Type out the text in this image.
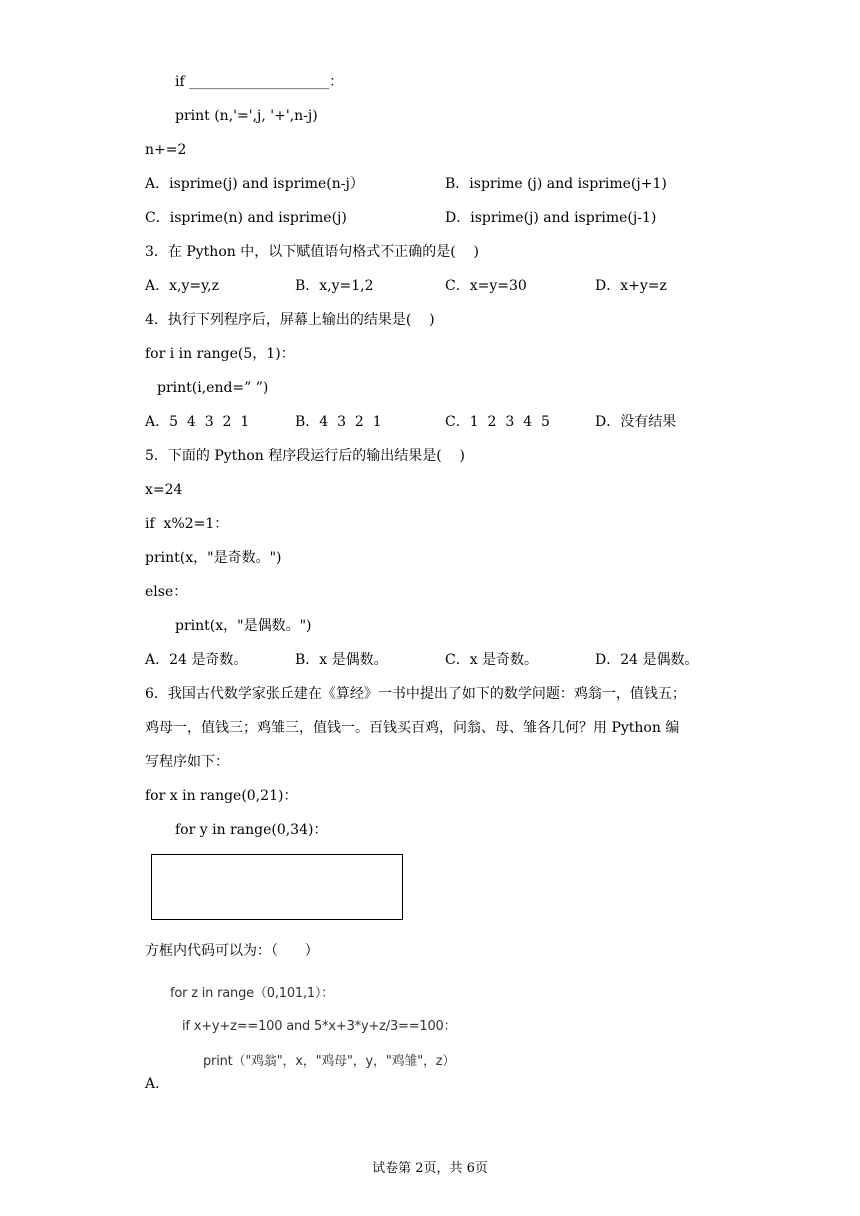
if ____________________：
print (n,'=',j, '+',n-j)
n+=2
A．isprime(j) and isprime(n-j）	B．isprime (j) and isprime(j+1)
C．isprime(n) and isprime(j)	D．isprime(j) and isprime(j-1)
3．在 Python 中，以下赋值语句格式不正确的是(    )
A．x,y=y,z	B．x,y=1,2	C．x=y=30	D．x+y=z
4．执行下列程序后，屏幕上输出的结果是(    )
for i in range(5，1)：
print(i,end=” ”)
A．5  4  3  2  1	B．4  3  2  1	C．1  2  3  4  5	D．没有结果
5．下面的 Python 程序段运行后的输出结果是(    )
x=24
if  x%2=1：
print(x，"是奇数。")
else：
print(x，"是偶数。")
A．24 是奇数。	B．x 是偶数。	C．x 是奇数。	D．24 是偶数。
6．我国古代数学家张丘建在《算经》一书中提出了如下的数学问题：鸡翁一，值钱五；
鸡母一，值钱三；鸡雏三，值钱一。百钱买百鸡，问翁、母、雏各几何？用 Python 编
写程序如下：
for x in range(0,21)：
for y in range(0,34)：
方框内代码可以为：（      ）
for z in range（0,101,1）：
if x+y+z==100 and 5*x+3*y+z/3==100：
print（"鸡翁"，x，"鸡母"，y，"鸡雏"，z）
A．
试卷第 2页，共 6页
